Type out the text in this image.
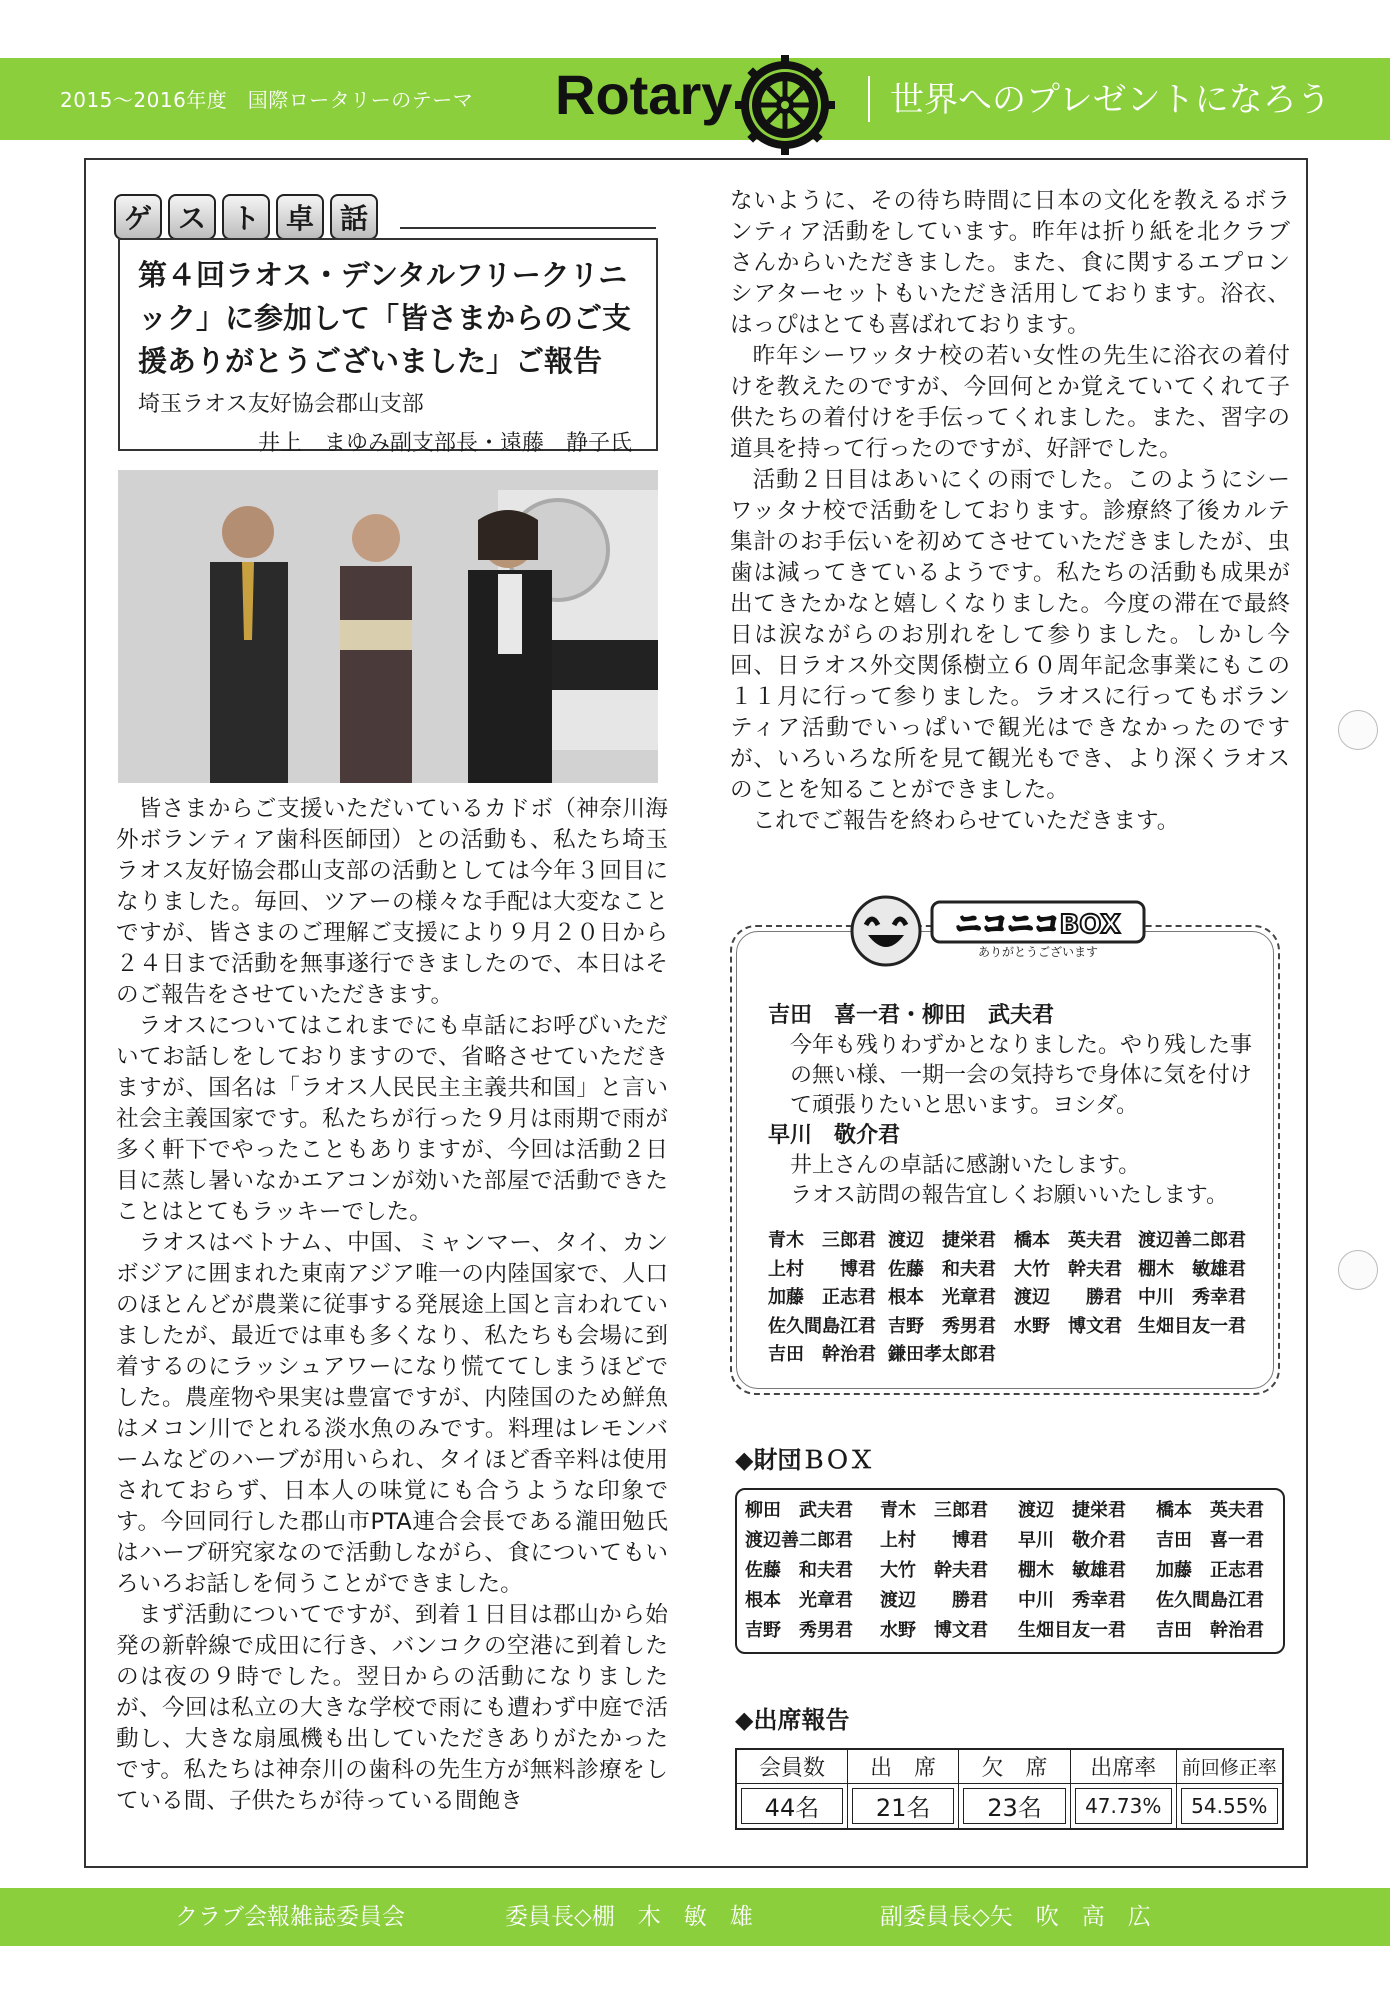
2015～2016年度　国際ロータリーのテーマ Rotary	世界へのプレゼントになろう
ゲ ス ト 卓 話
第４回ラオス・デンタルフリークリニック」に参加して「皆さまからのご支援ありがとうございました」ご報告
埼玉ラオス友好協会郡山支部
井上　まゆみ副支部長・遠藤　静子氏

皆さまからご支援いただいているカドボ（神奈川海外ボランティア歯科医師団）との活動も、私たち埼玉ラオス友好協会郡山支部の活動としては今年３回目になりました。毎回、ツアーの様々な手配は大変なことですが、皆さまのご理解ご支援により９月２０日から２４日まで活動を無事遂行できましたので、本日はそのご報告をさせていただきます。

ラオスについてはこれまでにも卓話にお呼びいただいてお話しをしておりますので、省略させていただきますが、国名は「ラオス人民民主主義共和国」と言い社会主義国家です。私たちが行った９月は雨期で雨が多く軒下でやったこともありますが、今回は活動２日目に蒸し暑いなかエアコンが効いた部屋で活動できたことはとてもラッキーでした。

ラオスはベトナム、中国、ミャンマー、タイ、カンボジアに囲まれた東南アジア唯一の内陸国家で、人口のほとんどが農業に従事する発展途上国と言われていましたが、最近では車も多くなり、私たちも会場に到着するのにラッシュアワーになり慌ててしまうほどでした。農産物や果実は豊富ですが、内陸国のため鮮魚はメコン川でとれる淡水魚のみです。料理はレモンバームなどのハーブが用いられ、タイほど香辛料は使用されておらず、日本人の味覚にも合うような印象です。今回同行した郡山市PTA連合会長である瀧田勉氏はハーブ研究家なので活動しながら、食についてもいろいろお話しを伺うことができました。

まず活動についてですが、到着１日目は郡山から始発の新幹線で成田に行き、バンコクの空港に到着したのは夜の９時でした。翌日からの活動になりましたが、今回は私立の大きな学校で雨にも遭わず中庭で活動し、大きな扇風機も出していただきありがたかったです。私たちは神奈川の歯科の先生方が無料診療をしている間、子供たちが待っている間飽き

ないように、その待ち時間に日本の文化を教えるボランティア活動をしています。昨年は折り紙を北クラブさんからいただきました。また、食に関するエプロンシアターセットもいただき活用しております。浴衣、はっぴはとても喜ばれております。

昨年シーワッタナ校の若い女性の先生に浴衣の着付けを教えたのですが、今回何とか覚えていてくれて子供たちの着付けを手伝ってくれました。また、習字の道具を持って行ったのですが、好評でした。

活動２日目はあいにくの雨でした。このようにシーワッタナ校で活動をしております。診療終了後カルテ集計のお手伝いを初めてさせていただきましたが、虫歯は減ってきているようです。私たちの活動も成果が出てきたかなと嬉しくなりました。今度の滞在で最終日は涙ながらのお別れをして参りました。しかし今回、日ラオス外交関係樹立６０周年記念事業にもこの１１月に行って参りました。ラオスに行ってもボランティア活動でいっぱいで観光はできなかったのですが、いろいろな所を見て観光もでき、より深くラオスのことを知ることができました。

これでご報告を終わらせていただきます。

ニコニコBOX
ありがとうございます
吉田　喜一君・柳田　武夫君
今年も残りわずかとなりました。やり残した事の無い様、一期一会の気持ちで身体に気を付けて頑張りたいと思います。ヨシダ。
早川　敬介君
井上さんの卓話に感謝いたします。
ラオス訪問の報告宜しくお願いいたします。
青木　三郎君 渡辺　捷栄君	橋本　英夫君 渡辺善二郎君
上村　　博君 佐藤　和夫君	大竹　幹夫君 棚木　敏雄君
加藤　正志君 根本　光章君	渡辺　　勝君 中川　秀幸君
佐久間島江君 吉野　秀男君	水野　博文君 生畑目友一君
吉田　幹治君 鎌田孝太郎君
◆財団ＢＯＸ
柳田　武夫君	青木　三郎君	渡辺　捷栄君	橋本　英夫君
渡辺善二郎君	上村　　博君	早川　敬介君	吉田　喜一君
佐藤　和夫君	大竹　幹夫君	棚木　敏雄君	加藤　正志君
根本　光章君	渡辺　　勝君	中川　秀幸君	佐久間島江君
吉野　秀男君	水野　博文君	生畑目友一君	吉田　幹治君
◆出席報告
会員数	出　席	欠　席	出席率	前回修正率

44名	21名	23名	47.73%	54.55%
クラブ会報雑誌委員会	委員長◇棚　木　敏　雄	副委員長◇矢　吹　高　広
